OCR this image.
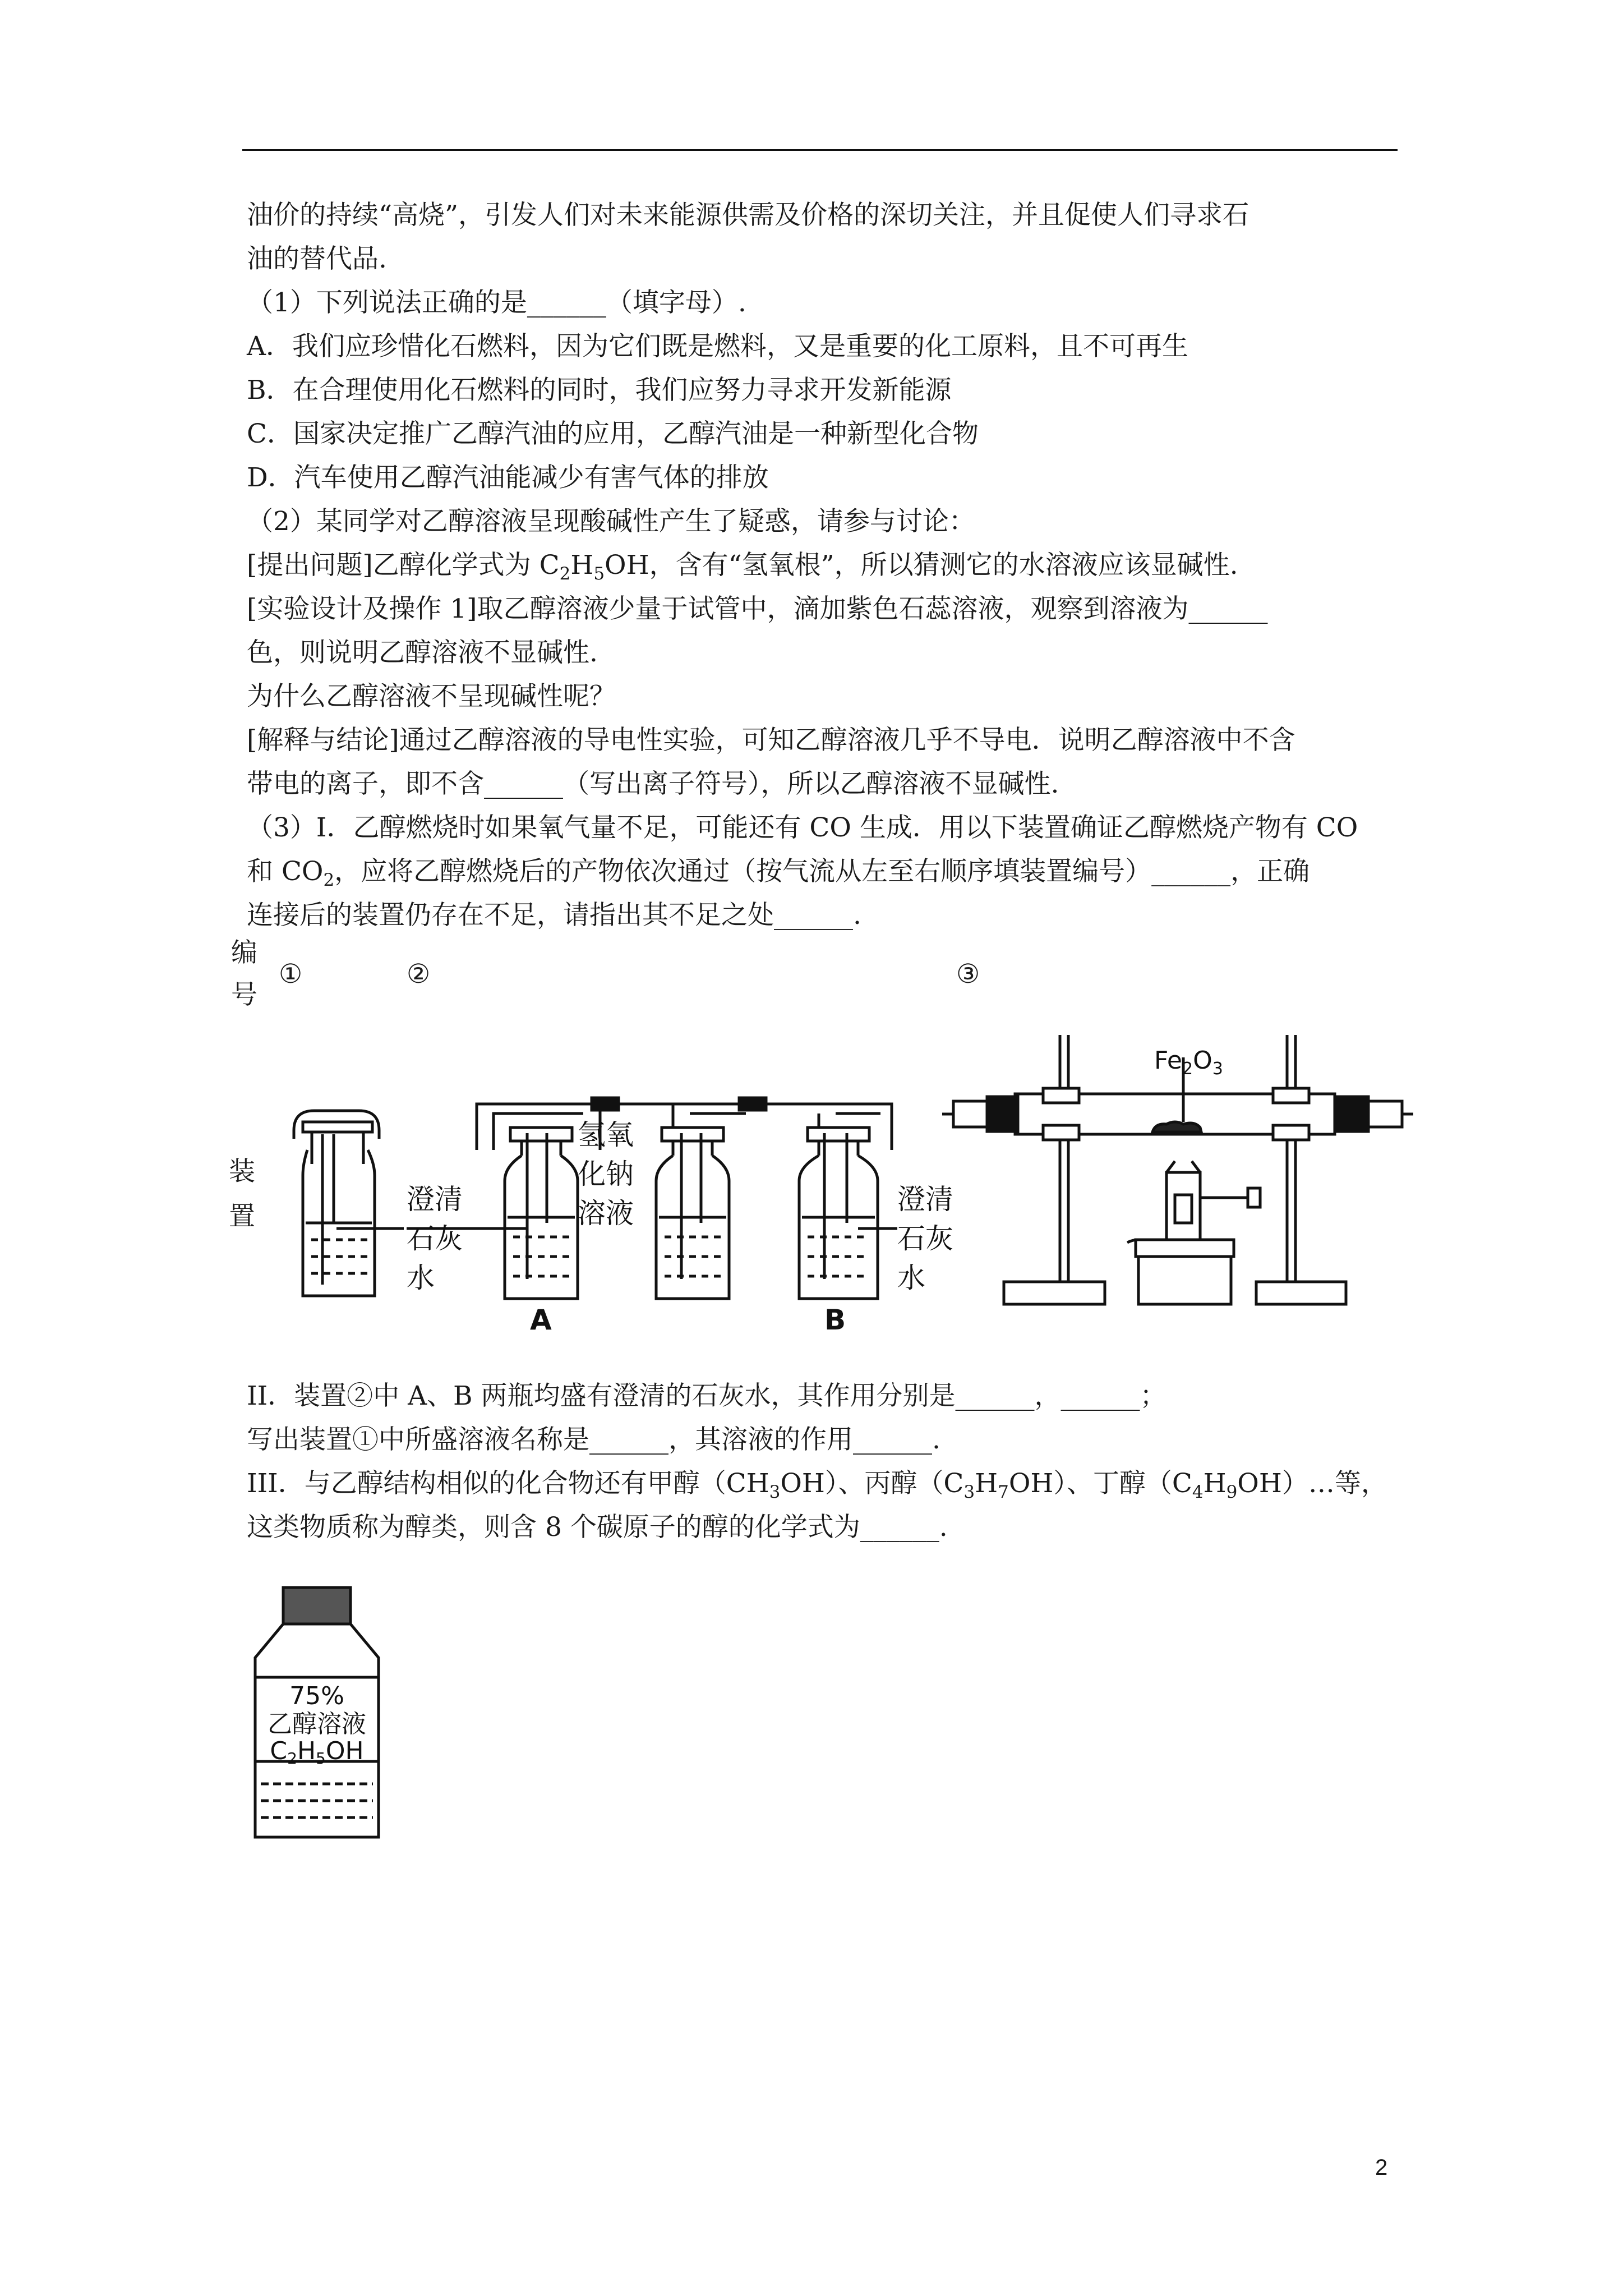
油价的持续“高烧”，引发人们对未来能源供需及价格的深切关注，并且促使人们寻求石
油的替代品.
（1）下列说法正确的是______（填字母）.
A．我们应珍惜化石燃料，因为它们既是燃料，又是重要的化工原料，且不可再生
B．在合理使用化石燃料的同时，我们应努力寻求开发新能源
C．国家决定推广乙醇汽油的应用，乙醇汽油是一种新型化合物
D．汽车使用乙醇汽油能减少有害气体的排放
（2）某同学对乙醇溶液呈现酸碱性产生了疑惑，请参与讨论：
[提出问题]乙醇化学式为 $C_2H_5OH$，含有“氢氧根”，所以猜测它的水溶液应该显碱性.
[实验设计及操作 1]取乙醇溶液少量于试管中，滴加紫色石蕊溶液，观察到溶液为______
色，则说明乙醇溶液不显碱性.
为什么乙醇溶液不呈现碱性呢？
[解释与结论]通过乙醇溶液的导电性实验，可知乙醇溶液几乎不导电．说明乙醇溶液中不含
带电的离子，即不含______（写出离子符号），所以乙醇溶液不显碱性.
（3）I．乙醇燃烧时如果氧气量不足，可能还有 CO 生成．用以下装置确证乙醇燃烧产物有 CO
和 $CO_2$，应将乙醇燃烧后的产物依次通过（按气流从左至右顺序填装置编号）______，正确
连接后的装置仍存在不足，请指出其不足之处______.
编
号
①	②	③
装
置
澄清
石灰
水
氢氧
化钠
溶液	澄清
石灰
水
A	B
$Fe_2O_3$
II．装置②中 A、B 两瓶均盛有澄清的石灰水，其作用分别是______，______；
写出装置①中所盛溶液名称是______，其溶液的作用______.
III．与乙醇结构相似的化合物还有甲醇$(CH_3OH)$、丙醇$(C_3H_7OH)$、丁醇$(C_4H_9OH)\dots$等，
这类物质称为醇类，则含 8 个碳原子的醇的化学式为______.
75%
乙醇溶液
C2H5OH
2
